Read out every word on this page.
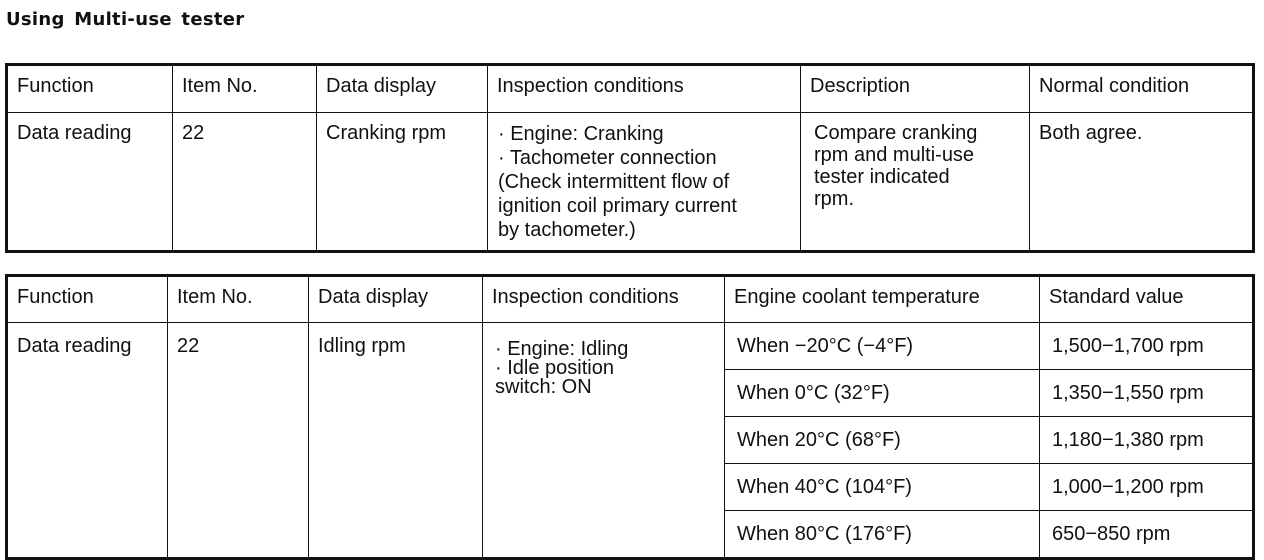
Using Multi-use tester
Function	Item No.	Data display	Inspection conditions	Description	Normal condition

Data reading	22	Cranking rpm	· Engine: Cranking
· Tachometer connection
(Check intermittent flow of
ignition coil primary current
by tachometer.)	Compare cranking
rpm and multi-use
tester indicated
rpm.	Both agree.
Function	Item No.	Data display	Inspection conditions	Engine coolant temperature	Standard value

Data reading	22	Idling rpm	· Engine: Idling
· Idle position
switch: ON	When −20°C (−4°F)	1,500−1,700 rpm

				When 0°C (32°F)	1,350−1,550 rpm

				When 20°C (68°F)	1,180−1,380 rpm

				When 40°C (104°F)	1,000−1,200 rpm

				When 80°C (176°F)	650−850 rpm
